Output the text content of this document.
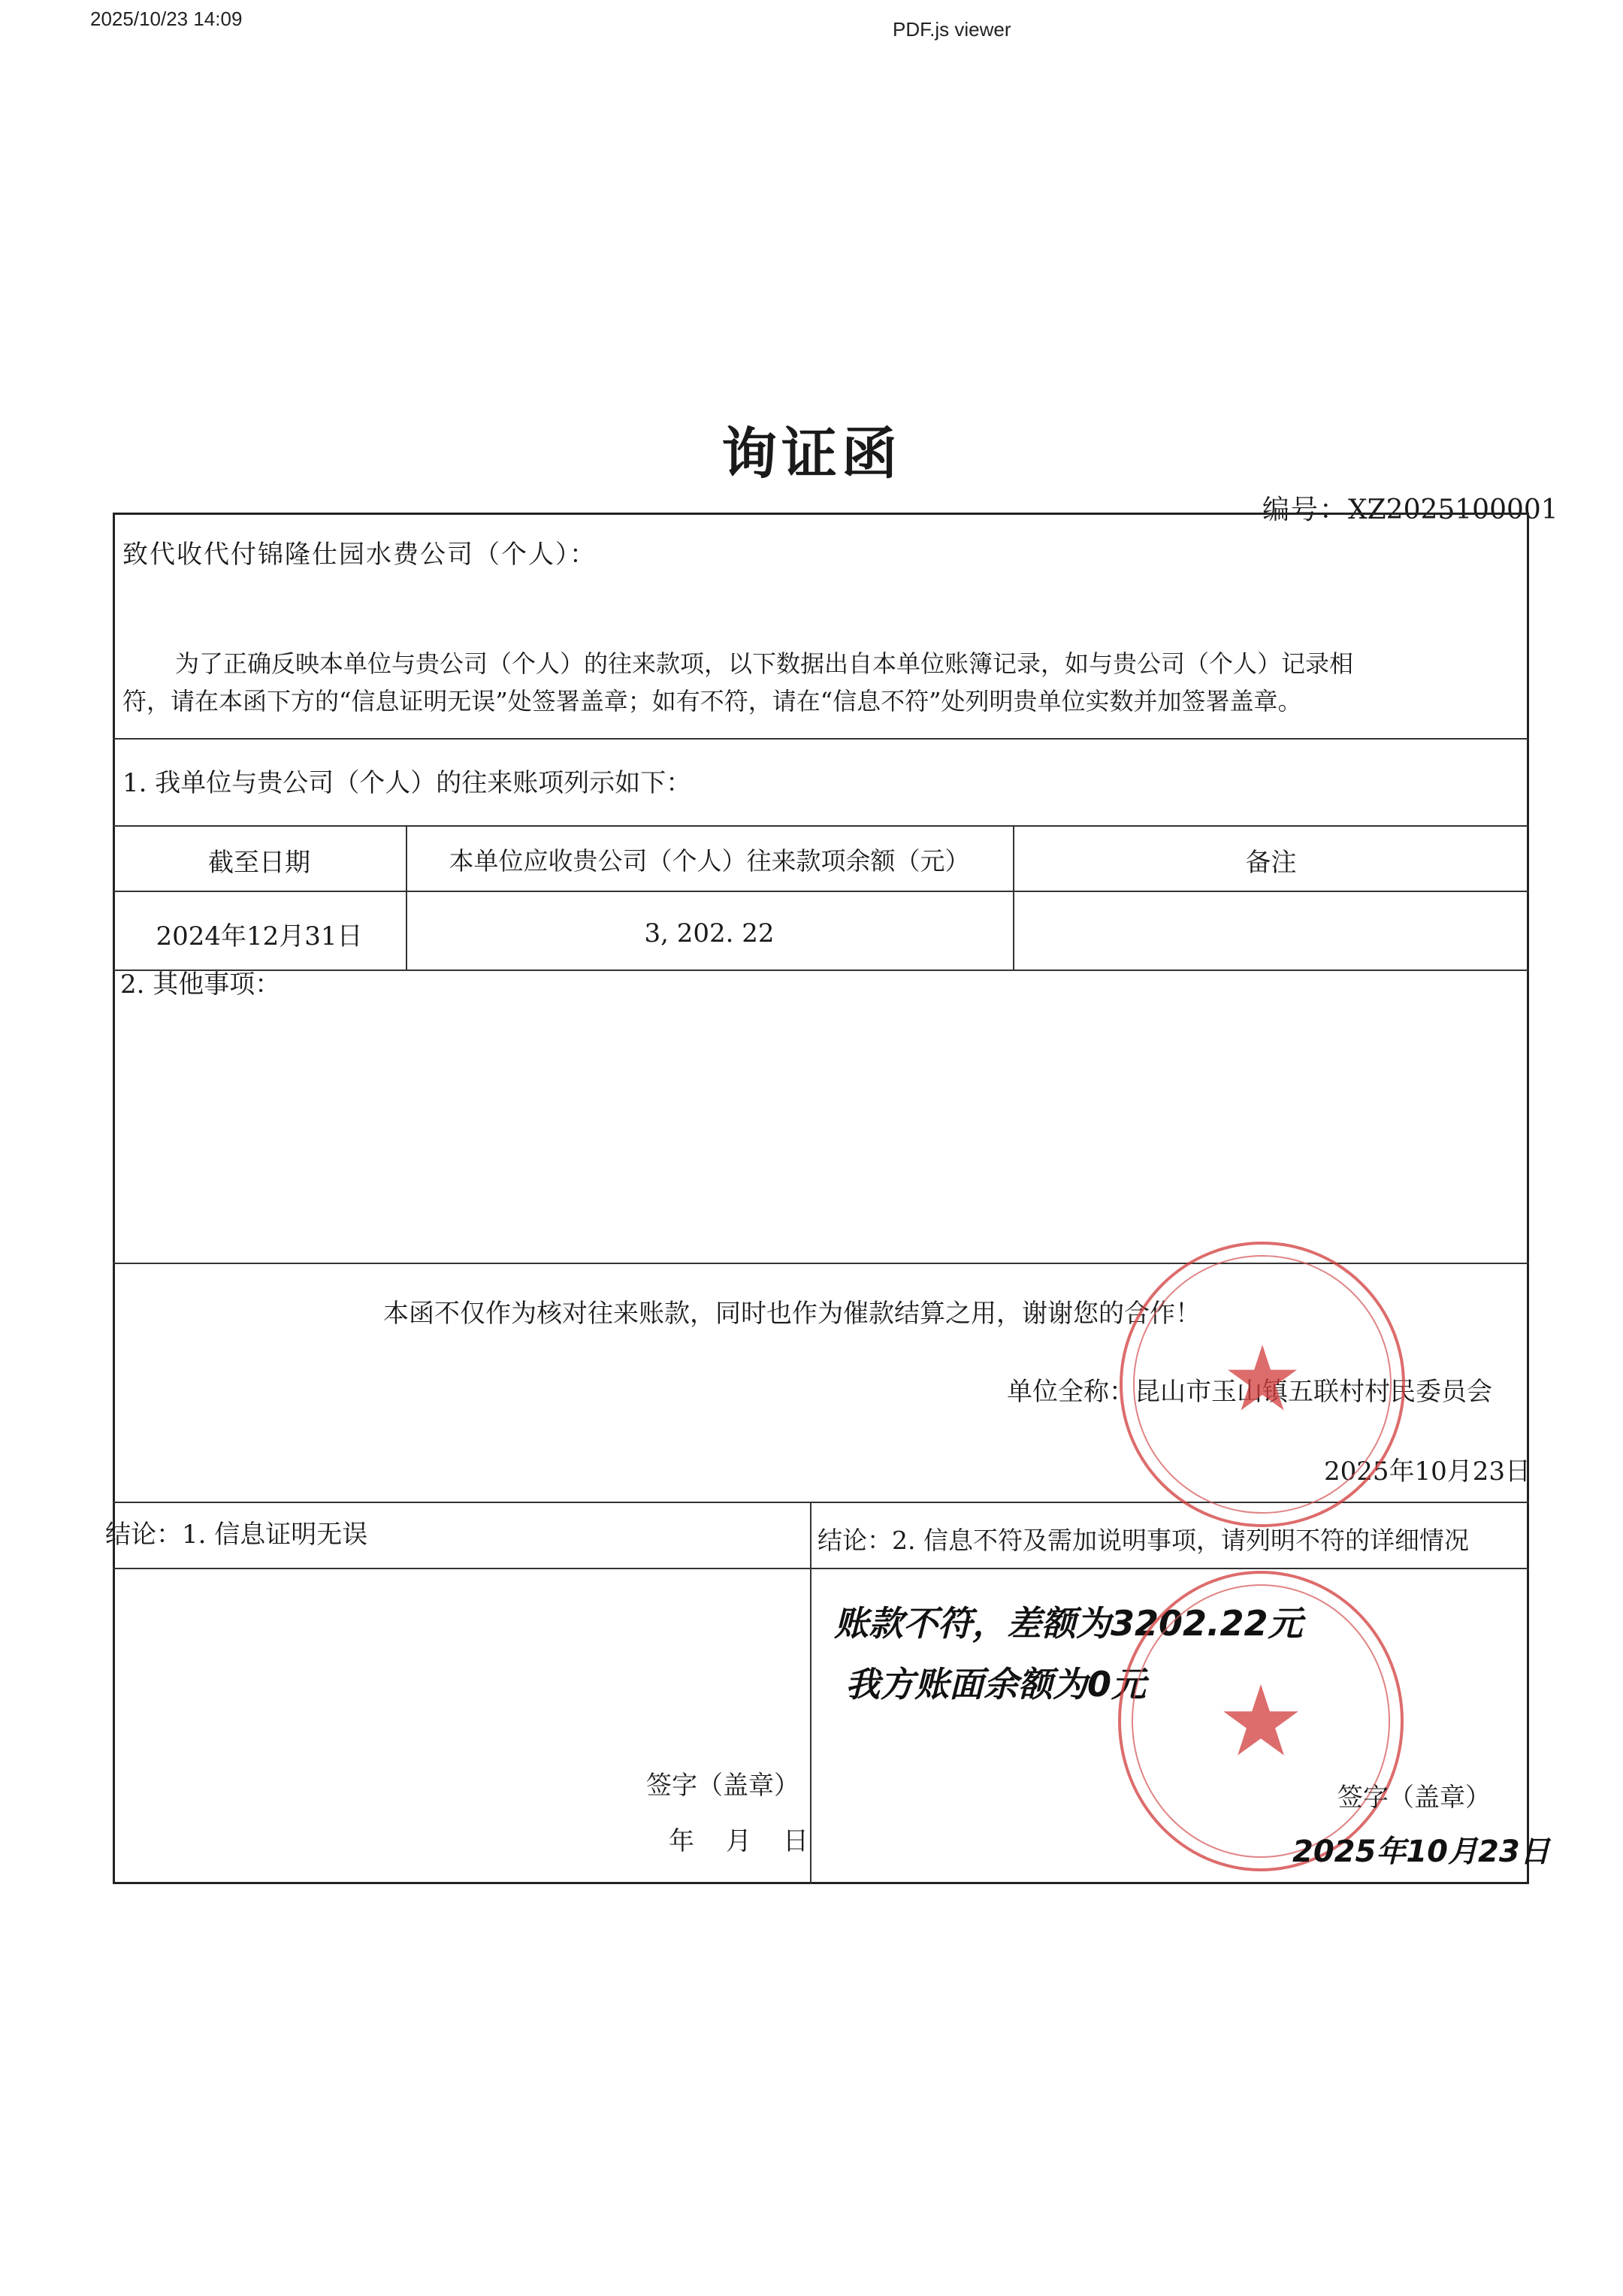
2025/10/23 14:09	PDF.js viewer
询证函
编号：XZ2025100001
致代收代付锦隆仕园水费公司（个人）：
为了正确反映本单位与贵公司（个人）的往来款项，以下数据出自本单位账簿记录，如与贵公司（个人）记录相
符，请在本函下方的“信息证明无误”处签署盖章；如有不符，请在“信息不符”处列明贵单位实数并加签署盖章。
1. 我单位与贵公司（个人）的往来账项列示如下：
截至日期	本单位应收贵公司（个人）往来款项余额（元）	备注
2024年12月31日	3, 202. 22
2. 其他事项：
本函不仅作为核对往来账款，同时也作为催款结算之用，谢谢您的合作！
单位全称：昆山市玉山镇五联村村民委员会
2025年10月23日
★
结论：1. 信息证明无误	结论：2. 信息不符及需加说明事项，请列明不符的详细情况
签字（盖章）
年　月　日
账款不符，差额为3202.22元
我方账面余额为0元 ★
签字（盖章）
2025年10月23日
